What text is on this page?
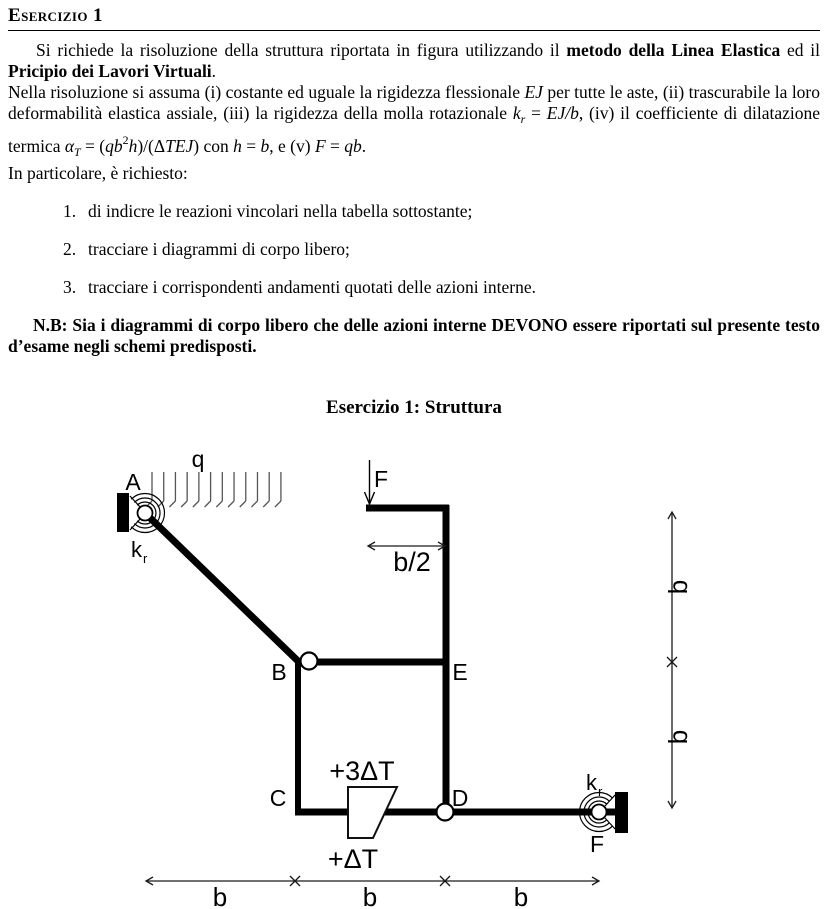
Esercizio 1

Si richiede la risoluzione della struttura riportata in figura utilizzando il metodo della Linea Elastica ed il Pricipio dei Lavori Virtuali.

Nella risoluzione si assuma (i) costante ed uguale la rigidezza flessionale EJ per tutte le aste, (ii) trascurabile la loro deformabilità elastica assiale, (iii) la rigidezza della molla rotazionale $k_r = EJ/b$, (iv) il coefficiente di dilatazione termica $\alpha_T = (qb^2h)/(\Delta TEJ)$ con h = b, e (v) F = qb.

In particolare, è richiesto:

1. di indicre le reazioni vincolari nella tabella sottostante;
2. tracciare i diagrammi di corpo libero;
3. tracciare i corrispondenti andamenti quotati delle azioni interne.

N.B: Sia i diagrammi di corpo libero che delle azioni interne DEVONO essere riportati sul presente testo d’esame negli schemi predisposti.

Esercizio 1: Struttura
q
F
b/2
+3ΔT
+ΔT
A
k r
k r
F
B	E
C	D
b	b	b
b
b
